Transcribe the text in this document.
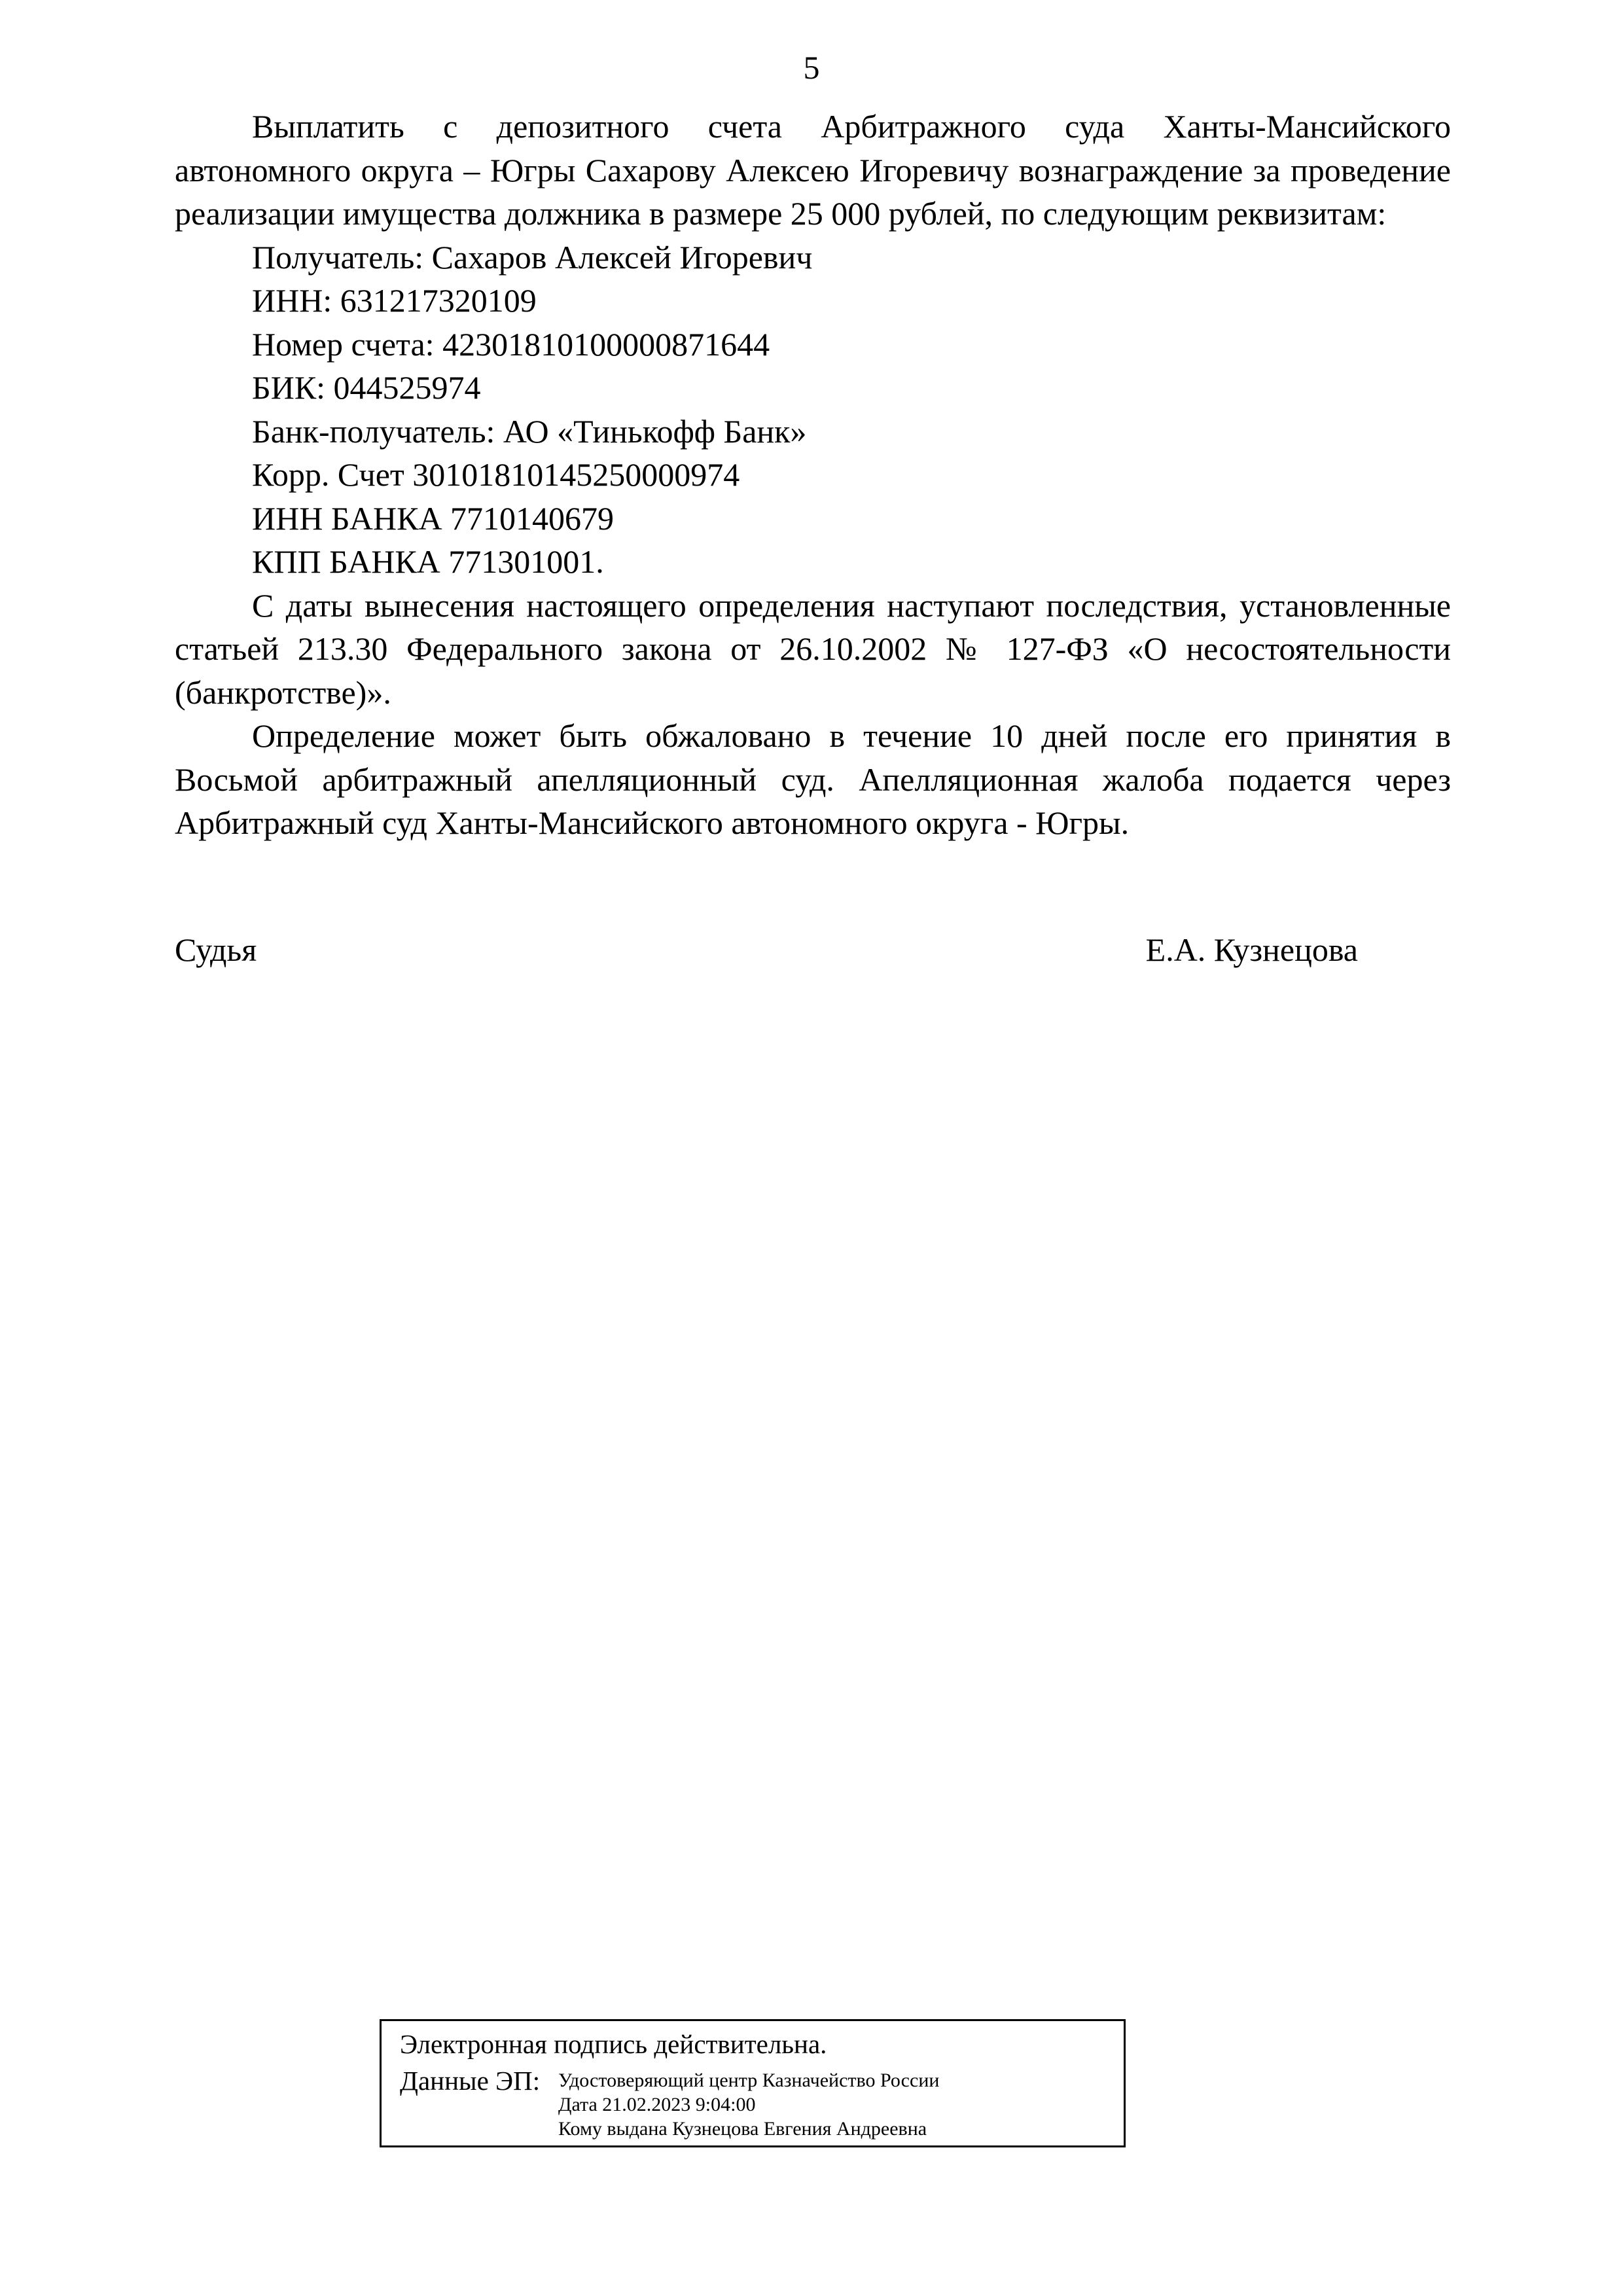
5

Выплатить с депозитного счета Арбитражного суда Ханты-Мансийского автономного округа – Югры Сахарову Алексею Игоревичу вознаграждение за проведение реализации имущества должника в размере 25 000 рублей, по следующим реквизитам:

Получатель: Сахаров Алексей Игоревич

ИНН: 631217320109

Номер счета: 42301810100000871644

БИК: 044525974

Банк-получатель: АО «Тинькофф Банк»

Корр. Счет 30101810145250000974

ИНН БАНКА 7710140679

КПП БАНКА 771301001.

С даты вынесения настоящего определения наступают последствия, установленные статьей 213.30 Федерального закона от 26.10.2002 № 127-ФЗ «О несостоятельности (банкротстве)».

Определение может быть обжаловано в течение 10 дней после его принятия в Восьмой арбитражный апелляционный суд. Апелляционная жалоба подается через Арбитражный суд Ханты-Мансийского автономного округа - Югры.

Судья	Е.А. Кузнецова
Электронная подпись действительна.
Данные ЭП: Удостоверяющий центр Казначейство России
Дата 21.02.2023 9:04:00
Кому выдана Кузнецова Евгения Андреевна
